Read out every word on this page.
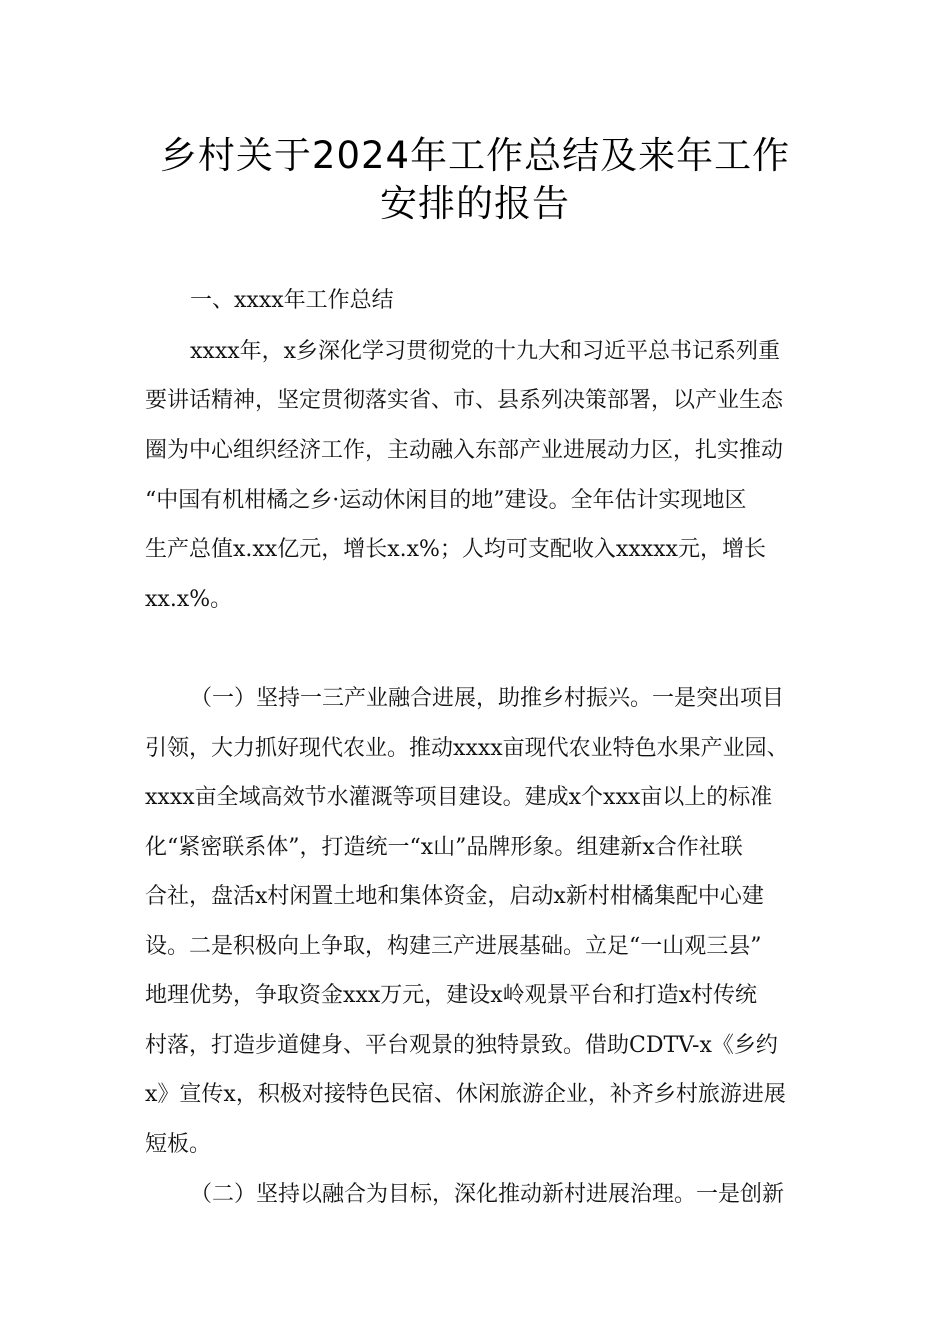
乡村关于2024年工作总结及来年工作
安排的报告
一、xxxx年工作总结
xxxx年，x乡深化学习贯彻党的十九大和习近平总书记系列重
要讲话精神，坚定贯彻落实省、市、县系列决策部署，以产业生态
圈为中心组织经济工作，主动融入东部产业进展动力区，扎实推动
“中国有机柑橘之乡·运动休闲目的地”建设。全年估计实现地区
生产总值x.xx亿元，增长x.x%；人均可支配收入xxxxx元，增长
xx.x%。
（一）坚持一三产业融合进展，助推乡村振兴。一是突出项目
引领，大力抓好现代农业。推动xxxx亩现代农业特色水果产业园、
xxxx亩全域高效节水灌溉等项目建设。建成x个xxx亩以上的标准
化“紧密联系体”，打造统一“x山”品牌形象。组建新x合作社联
合社，盘活x村闲置土地和集体资金，启动x新村柑橘集配中心建
设。二是积极向上争取，构建三产进展基础。立足“一山观三县”
地理优势，争取资金xxx万元，建设x岭观景平台和打造x村传统
村落，打造步道健身、平台观景的独特景致。借助CDTV-x《乡约
x》宣传x，积极对接特色民宿、休闲旅游企业，补齐乡村旅游进展
短板。
（二）坚持以融合为目标，深化推动新村进展治理。一是创新
